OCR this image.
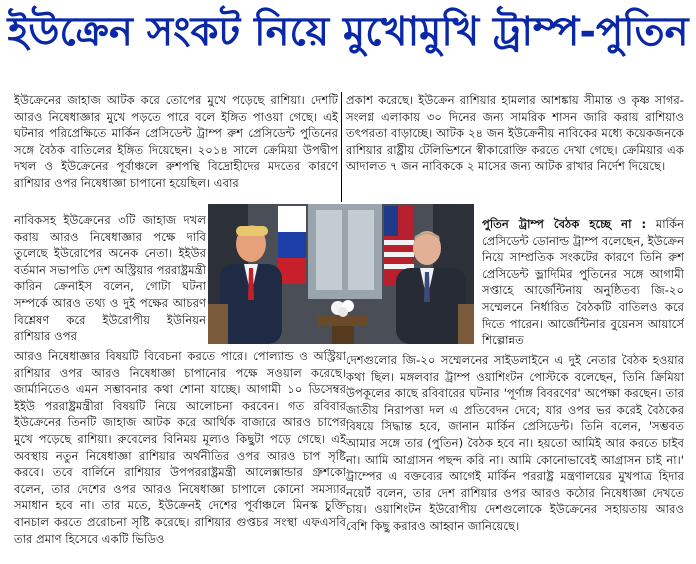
ইউক্রেন সংকট নিয়ে মুখোমুখি ট্রাম্প-পুতিন

ইউক্রেনের জাহাজ আটক করে তোপের মুখে পড়েছে রাশিয়া। দেশটি আরও নিষেধাজ্ঞার মুখে পড়তে পারে বলে ইঙ্গিত পাওয়া গেছে। এই ঘটনার পরিপ্রেক্ষিতে মার্কিন প্রেসিডেন্ট ট্রাম্প রুশ প্রেসিডেন্ট পুতিনের সঙ্গে বৈঠক বাতিলের ইঙ্গিত দিয়েছেন। ২০১৪ সালে ক্রেমিয়া উপদ্বীপ দখল ও ইউক্রেনের পূর্বাঞ্চলে রুশপন্থি বিদ্রোহীদের মদতের কারণে রাশিয়ার ওপর নিষেধাজ্ঞা চাপানো হয়েছিল। এবার

নাবিকসহ ইউক্রেনের ৩টি জাহাজ দখল করায় আরও নিষেধাজ্ঞার পক্ষে দাবি তুলেছে ইউরোপের অনেক নেতা। ইইউর বর্তমান সভাপতি দেশ অস্ট্রিয়ার পররাষ্ট্রমন্ত্রী কারিন ক্রেনাইস বলেন, গোটা ঘটনা সম্পর্কে আরও তথ্য ও দুই পক্ষের আচরণ বিশ্লেষণ করে ইউরোপীয় ইউনিয়ন রাশিয়ার ওপর

প্রকাশ করেছে। ইউক্রেন রাশিয়ার হামলার আশঙ্কায় সীমান্ত ও কৃষ্ণ সাগর-সংলগ্ন এলাকায় ৩০ দিনের জন্য সামরিক শাসন জারি করায় রাশিয়াও তৎপরতা বাড়াচ্ছে। আটক ২৪ জন ইউক্রেনীয় নাবিকের মধ্যে কয়েকজনকে রাশিয়ার রাষ্ট্রীয় টেলিভিশনে স্বীকারোক্তি করতে দেখা গেছে। ক্রেমিয়ার এক আদালত ৭ জন নাবিককে ২ মাসের জন্য আটক রাখার নির্দেশ দিয়েছে।

পুতিন ট্রাম্প বৈঠক হচ্ছে না : মার্কিন প্রেসিডেন্ট ডোনাল্ড ট্রাম্প বলেছেন, ইউক্রেন নিয়ে সাম্প্রতিক সংকটের কারণে তিনি রুশ প্রেসিডেন্ট ভ্লাদিমির পুতিনের সঙ্গে আগামী সপ্তাহে আর্জেন্টিনায় অনুষ্ঠিতব্য জি-২০ সম্মেলনে নির্ধারিত বৈঠকটি বাতিলও করে দিতে পারেন। আর্জেন্টিনার বুয়েনস আয়ার্সে শিল্পোন্নত

আরও নিষেধাজ্ঞার বিষয়টি বিবেচনা করতে পারে। পোল্যান্ড ও অস্ট্রিয়া রাশিয়ার ওপর আরও নিষেধাজ্ঞা চাপানোর পক্ষে সওয়াল করেছে। জার্মানিতেও এমন সম্ভাবনার কথা শোনা যাচ্ছে। আগামী ১০ ডিসেম্বর ইইউ পররাষ্ট্রমন্ত্রীরা বিষয়টি নিয়ে আলোচনা করবেন। গত রবিবার ইউক্রেনের তিনটি জাহাজ আটক করে আর্থিক বাজারে আরও চাপের মুখে পড়েছে রাশিয়া। রুবেলের বিনিময় মূল্যও কিছুটা পড়ে গেছে। এই অবস্থায় নতুন নিষেধাজ্ঞা রাশিয়ার অর্থনীতির ওপর আরও চাপ সৃষ্টি করবে। তবে বার্লিনে রাশিয়ার উপপররাষ্ট্রমন্ত্রী আলেক্সান্ডার গ্রুশকো বলেন, তার দেশের ওপর আরও নিষেধাজ্ঞা চাপালে কোনো সমস্যার সমাধান হবে না। তার মতে, ইউক্রেনই দেশের পূর্বাঞ্চলে মিনস্ক চুক্তি বানচাল করতে প্ররোচনা সৃষ্টি করেছে। রাশিয়ার গুপ্তচর সংস্থা এফএসবি তার প্রমাণ হিসেবে একটি ভিডিও

দেশগুলোর জি-২০ সম্মেলনের সাইডলাইনে এ দুই নেতার বৈঠক হওয়ার কথা ছিল। মঙ্গলবার ট্রাম্প ওয়াশিংটন পোস্টকে বলেছেন, তিনি ক্রিমিয়া উপকূলের কাছে রবিবারের ঘটনার 'পূর্ণাঙ্গ বিবরণের' অপেক্ষা করছেন। তার জাতীয় নিরাপত্তা দল এ প্রতিবেদন দেবে; যার ওপর ভর করেই বৈঠকের বিষয়ে সিদ্ধান্ত হবে, জানান মার্কিন প্রেসিডেন্ট। তিনি বলেন, 'সম্ভবত আমার সঙ্গে তার (পুতিন) বৈঠক হবে না। হয়তো আমিই আর করতে চাইব না। আমি আগ্রাসন পছন্দ করি না। আমি কোনোভাবেই আগ্রাসন চাই না।' ট্রাম্পের এ বক্তব্যের আগেই মার্কিন পররাষ্ট্র মন্ত্রণালয়ের মুখপাত্র হিদার নয়ের্ট বলেন, তার দেশ রাশিয়ার ওপর আরও কঠোর নিষেধাজ্ঞা দেখতে চায়। ওয়াশিংটন ইউরোপীয় দেশগুলোকে ইউক্রেনের সহায়তায় আরও বেশি কিছু করারও আহ্বান জানিয়েছে।
